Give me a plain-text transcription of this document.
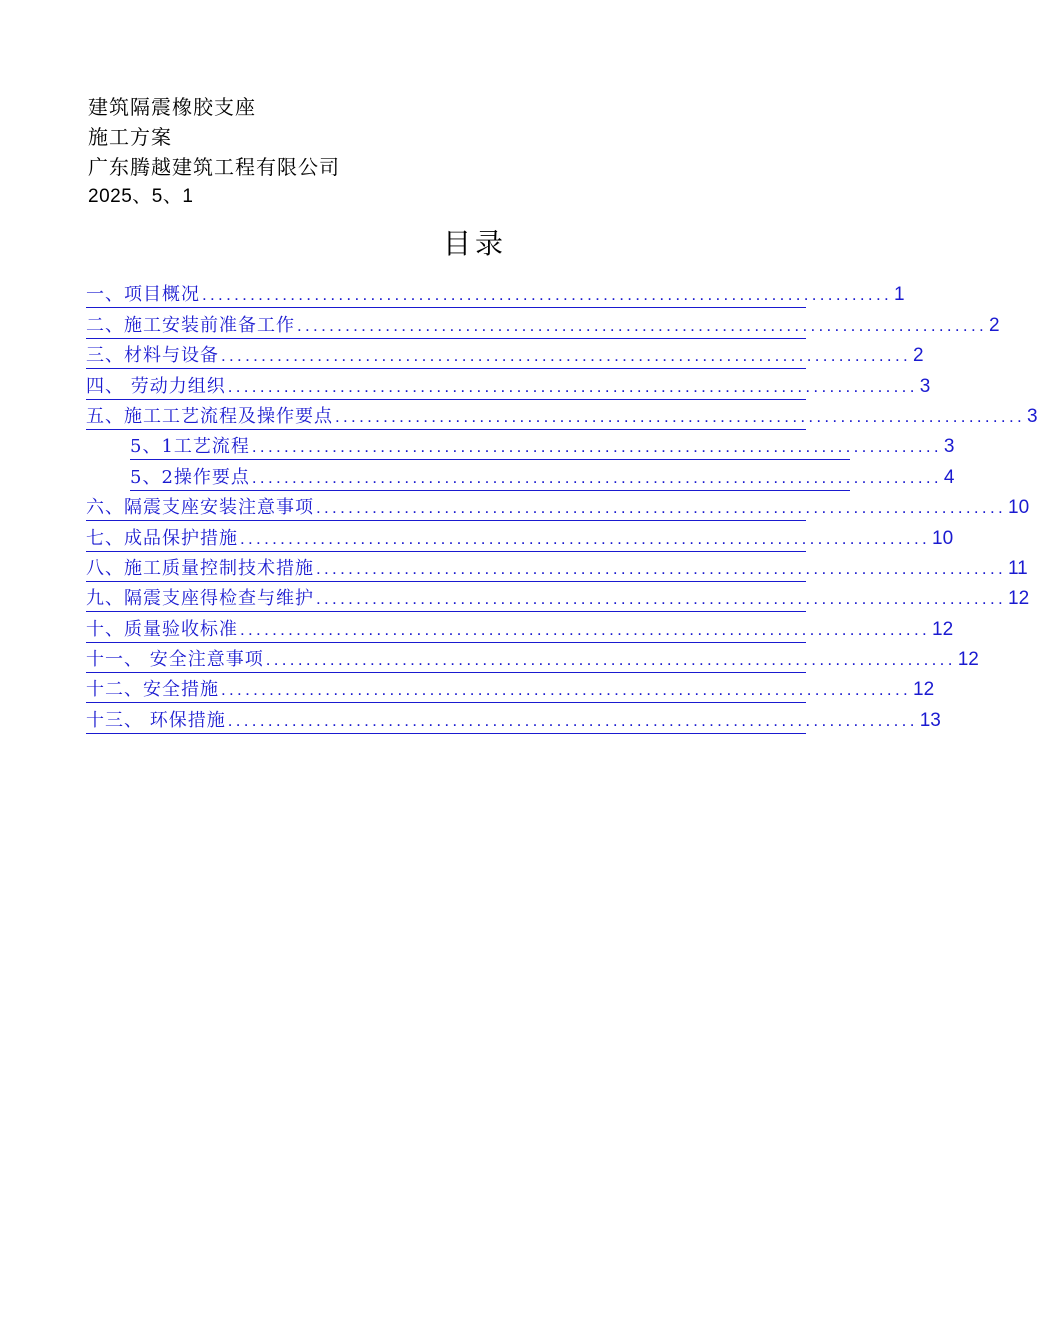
建筑隔震橡胶支座
施工方案
广东腾越建筑工程有限公司
2025、5、1
目录
一、项目概况 ...................................................................................... 1
二、施工安装前准备工作 ...................................................................................... 2
三、材料与设备 ...................................................................................... 2
四、 劳动力组织 ...................................................................................... 3
五、施工工艺流程及操作要点 ...................................................................................... 3
5、1工艺流程 ...................................................................................... 3
5、2操作要点 ...................................................................................... 4
六、隔震支座安装注意事项 ...................................................................................... 10
七、成品保护措施 ...................................................................................... 10
八、施工质量控制技术措施 ...................................................................................... 11
九、隔震支座得检查与维护 ...................................................................................... 12
十、质量验收标准 ...................................................................................... 12
十一、 安全注意事项 ...................................................................................... 12
十二、安全措施 ...................................................................................... 12
十三、 环保措施 ...................................................................................... 13
